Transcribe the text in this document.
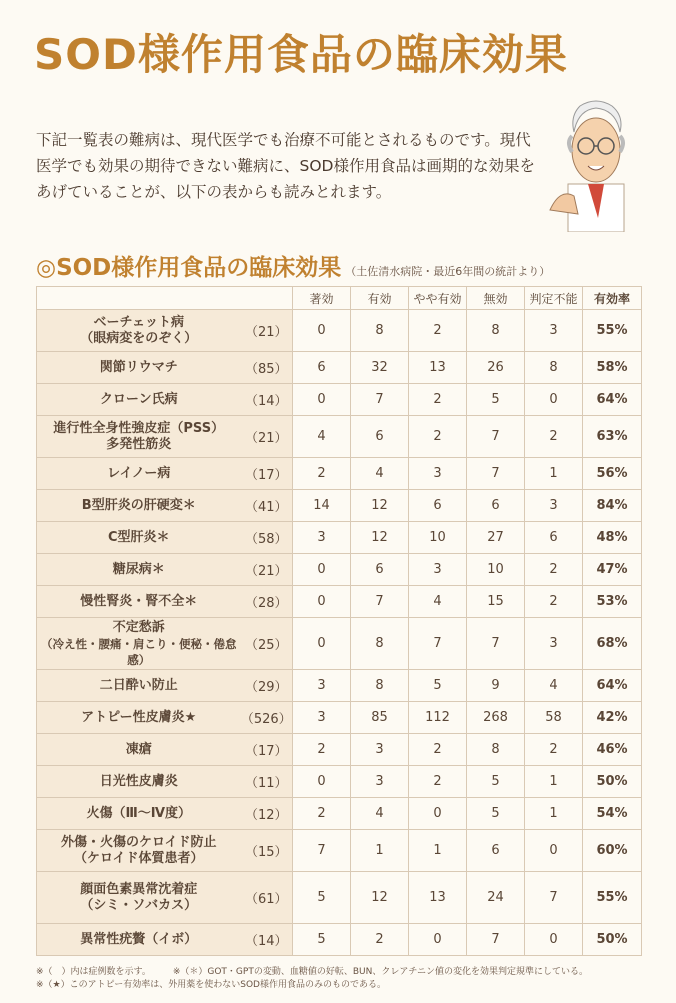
SOD様作用食品の臨床効果
下記一覧表の難病は、現代医学でも治療不可能とされるものです。現代医学でも効果の期待できない難病に、SOD様作用食品は画期的な効果をあげていることが、以下の表からも読みとれます。
◎SOD様作用食品の臨床効果 （土佐清水病院・最近6年間の統計より）
		著効	有効	やや有効	無効	判定不能	有効率

ベーチェット病
（眼病変をのぞく）	（21）	0	8	2	8	3	55%

関節リウマチ	（85）	6	32	13	26	8	58%

クローン氏病	（14）	0	7	2	5	0	64%

進行性全身性強皮症（PSS）
多発性筋炎	（21）	4	6	2	7	2	63%

レイノー病	（17）	2	4	3	7	1	56%

B型肝炎の肝硬変＊	（41）	14	12	6	6	3	84%

C型肝炎＊	（58）	3	12	10	27	6	48%

糖尿病＊	（21）	0	6	3	10	2	47%

慢性腎炎・腎不全＊	（28）	0	7	4	15	2	53%

不定愁訴
（冷え性・腰痛・肩こり・便秘・倦怠感）	（25）	0	8	7	7	3	68%

二日酔い防止	（29）	3	8	5	9	4	64%

アトピー性皮膚炎★	（526）	3	85	112	268	58	42%

凍瘡	（17）	2	3	2	8	2	46%

日光性皮膚炎	（11）	0	3	2	5	1	50%

火傷（Ⅲ〜Ⅳ度）	（12）	2	4	0	5	1	54%

外傷・火傷のケロイド防止
（ケロイド体質患者）	（15）	7	1	1	6	0	60%

顔面色素異常沈着症
（シミ・ソバカス）	（61）	5	12	13	24	7	55%

異常性疣贅（イボ）	（14）	5	2	0	7	0	50%
※（　）内は症例数を示す。 ※（＊）GOT・GPTの変動、血糖値の好転、BUN、クレアチニン値の変化を効果判定規準にしている。
※（★）このアトピー有効率は、外用薬を使わないSOD様作用食品のみのものである。
